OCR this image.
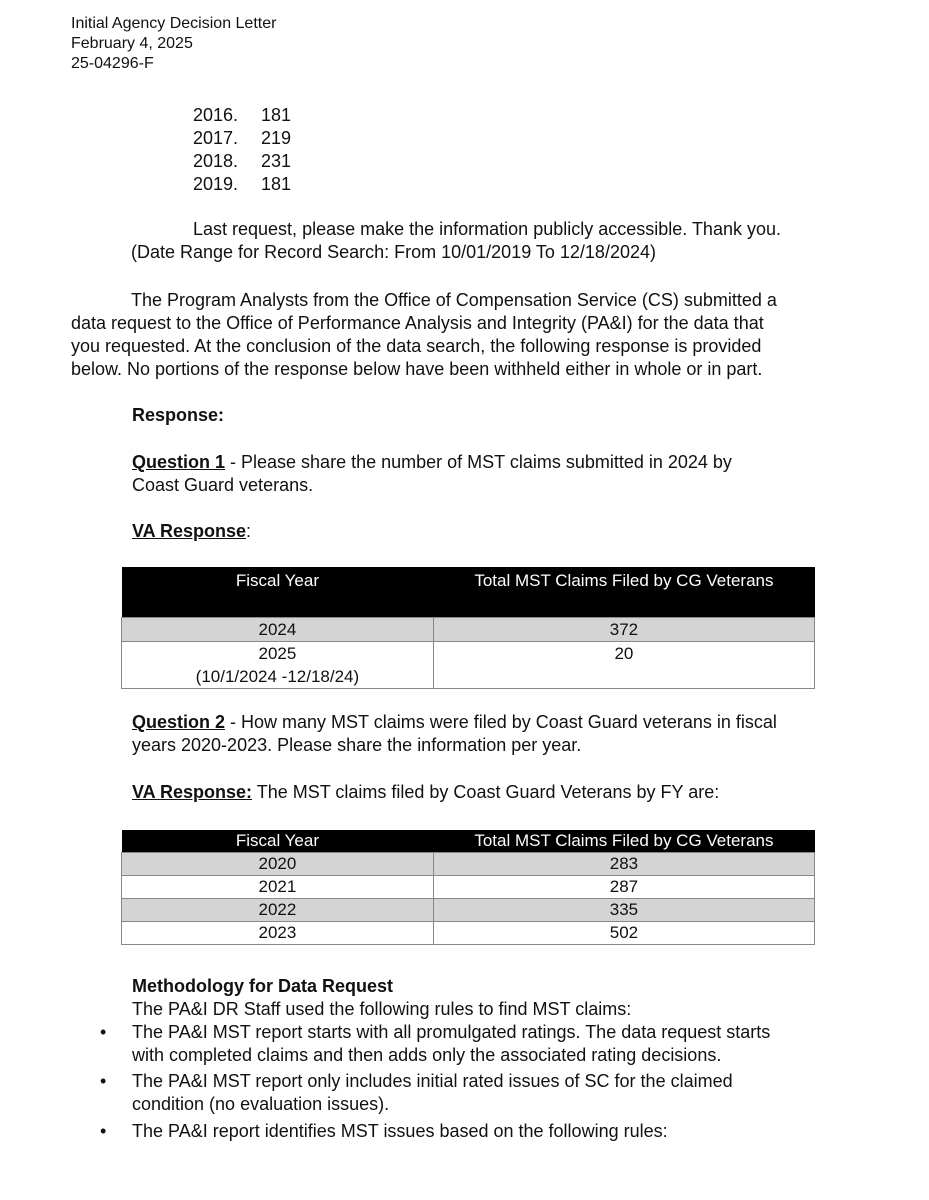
Initial Agency Decision Letter
February 4, 2025
25-04296-F
2016. 181
2017. 219
2018. 231
2019. 181
Last request, please make the information publicly accessible. Thank you.
(Date Range for Record Search: From 10/01/2019 To 12/18/2024)
The Program Analysts from the Office of Compensation Service (CS) submitted a
data request to the Office of Performance Analysis and Integrity (PA&I) for the data that
you requested. At the conclusion of the data search, the following response is provided
below. No portions of the response below have been withheld either in whole or in part.
Response:
Question 1 - Please share the number of MST claims submitted in 2024 by
Coast Guard veterans.
VA Response:
Fiscal Year	Total MST Claims Filed by CG Veterans
2024	372

2025
(10/1/2024 -12/18/24)	20
Question 2 - How many MST claims were filed by Coast Guard veterans in fiscal
years 2020-2023. Please share the information per year.
VA Response: The MST claims filed by Coast Guard Veterans by FY are:
Fiscal Year	Total MST Claims Filed by CG Veterans
2020	283
2021	287
2022	335
2023	502
Methodology for Data Request
The PA&I DR Staff used the following rules to find MST claims:
• The PA&I MST report starts with all promulgated ratings. The data request starts
with completed claims and then adds only the associated rating decisions.
• The PA&I MST report only includes initial rated issues of SC for the claimed
condition (no evaluation issues).
• The PA&I report identifies MST issues based on the following rules:
